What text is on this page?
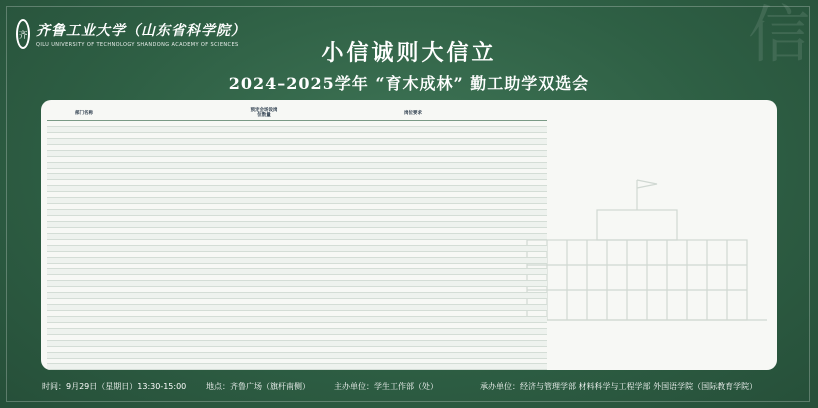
齐 齐鲁工业大学（山东省科学院）
QILU UNIVERSITY OF TECHNOLOGY SHANDONG ACADEMY OF SCIENCES	信
小信诚则大信立
2024–2025学年 “育木成林” 勤工助学双选会
部门名称	预定会场设岗位数量	岗位要求
时间：9月29日（星期日）13:30-15:00 地点：齐鲁广场（旗杆南侧）	主办单位：学生工作部（处）	承办单位：经济与管理学部 材料科学与工程学部 外国语学院（国际教育学院）
